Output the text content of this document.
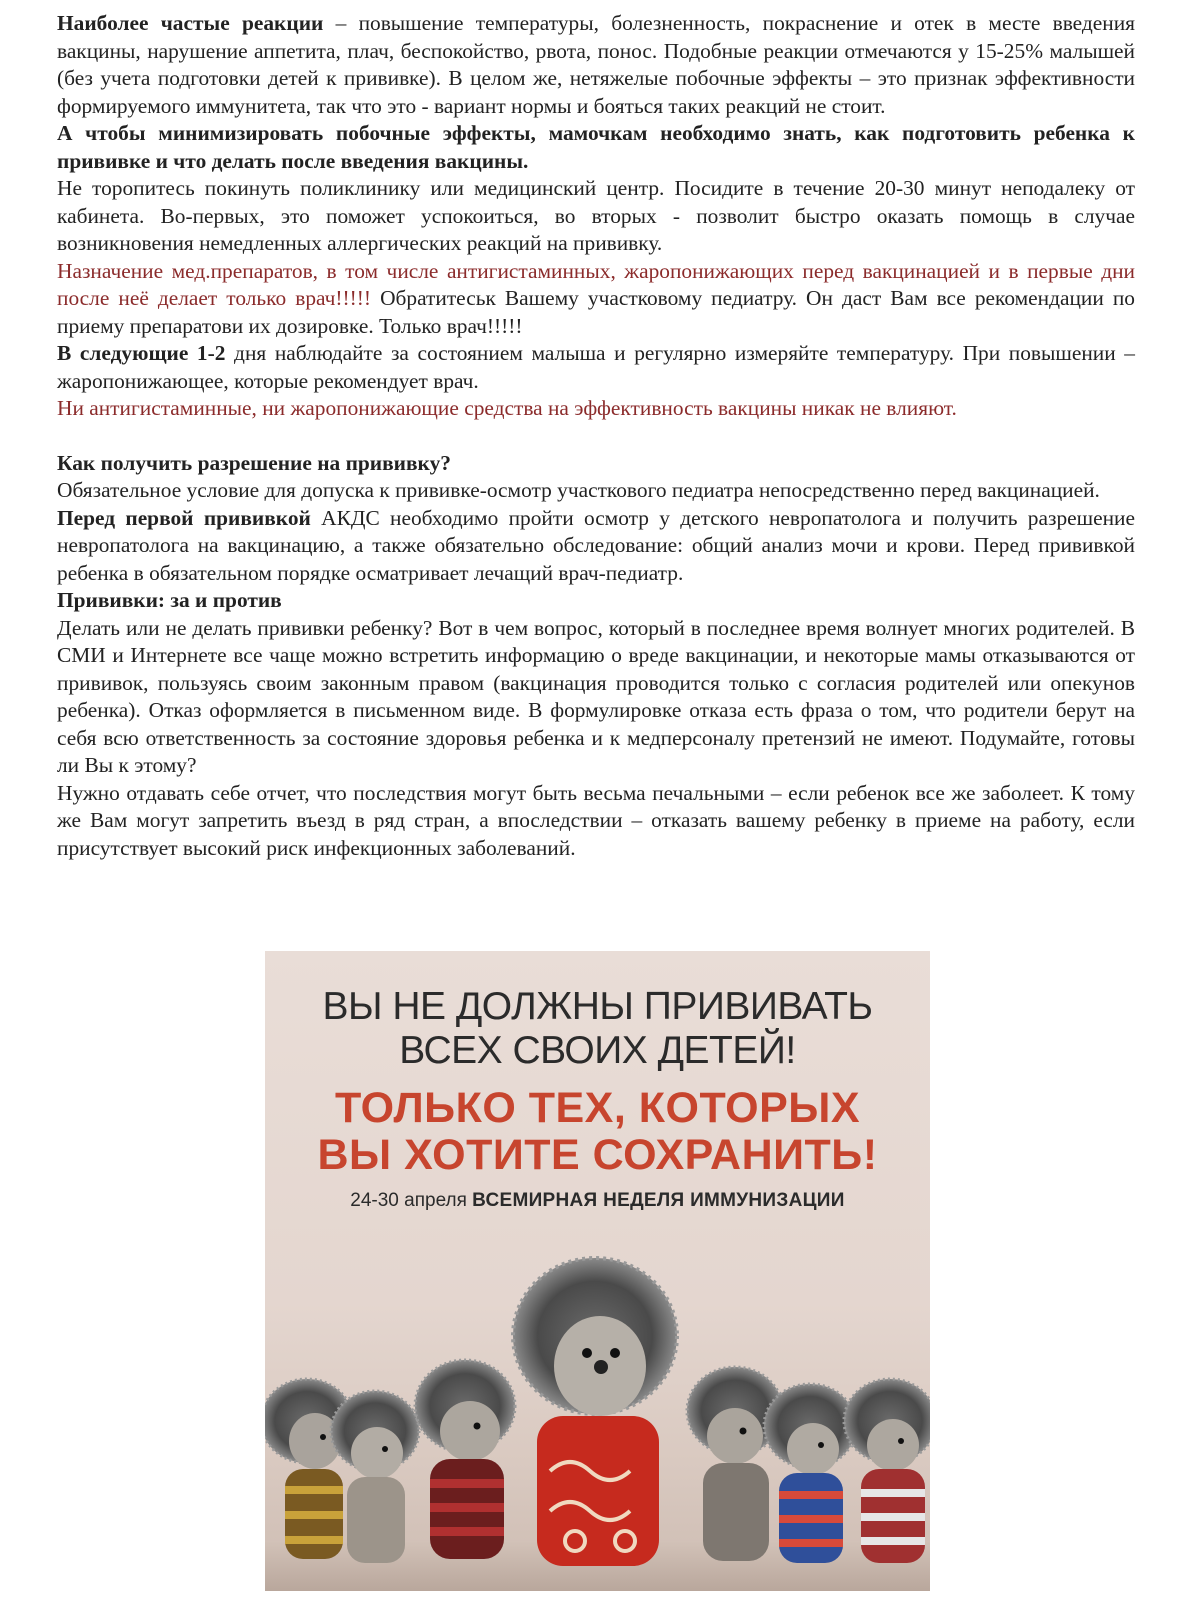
Наиболее частые реакции – повышение температуры, болезненность, покраснение и отек в месте введения вакцины, нарушение аппетита, плач, беспокойство, рвота, понос. Подобные реакции отмечаются у 15-25% малышей (без учета подготовки детей к прививке). В целом же, нетяжелые побочные эффекты – это признак эффективности формируемого иммунитета, так что это - вариант нормы и бояться таких реакций не стоит.

А чтобы минимизировать побочные эффекты, мамочкам необходимо знать, как подготовить ребенка к прививке и что делать после введения вакцины.

Не торопитесь покинуть поликлинику или медицинский центр. Посидите в течение 20-30 минут неподалеку от кабинета. Во-первых, это поможет успокоиться, во вторых - позволит быстро оказать помощь в случае возникновения немедленных аллергических реакций на прививку.

Назначение мед.препаратов, в том числе антигистаминных, жаропонижающих перед вакцинацией и в первые дни после неё делает только врач!!!!! Обратитеськ Вашему участковому педиатру. Он даст Вам все рекомендации по приему препаратови их дозировке. Только врач!!!!!

В следующие 1-2 дня наблюдайте за состоянием малыша и регулярно измеряйте температуру. При повышении –жаропонижающее, которые рекомендует врач.

Ни антигистаминные, ни жаропонижающие средства на эффективность вакцины никак не влияют.

Как получить разрешение на прививку?

Обязательное условие для допуска к прививке-осмотр участкового педиатра непосредственно перед вакцинацией.

Перед первой прививкой АКДС необходимо пройти осмотр у детского невропатолога и получить разрешение невропатолога на вакцинацию, а также обязательно обследование: общий анализ мочи и крови. Перед прививкой ребенка в обязательном порядке осматривает лечащий врач-педиатр.

Прививки: за и против

Делать или не делать прививки ребенку? Вот в чем вопрос, который в последнее время волнует многих родителей. В СМИ и Интернете все чаще можно встретить информацию о вреде вакцинации, и некоторые мамы отказываются от прививок, пользуясь своим законным правом (вакцинация проводится только с согласия родителей или опекунов ребенка). Отказ оформляется в письменном виде. В формулировке отказа есть фраза о том, что родители берут на себя всю ответственность за состояние здоровья ребенка и к медперсоналу претензий не имеют. Подумайте, готовы ли Вы к этому?

Нужно отдавать себе отчет, что последствия могут быть весьма печальными – если ребенок все же заболеет. К тому же Вам могут запретить въезд в ряд стран, а впоследствии – отказать вашему ребенку в приеме на работу, если присутствует высокий риск инфекционных заболеваний.

ВЫ НЕ ДОЛЖНЫ ПРИВИВАТЬ
ВСЕХ СВОИХ ДЕТЕЙ!
ТОЛЬКО ТЕХ, КОТОРЫХ
ВЫ ХОТИТЕ СОХРАНИТЬ!
24-30 апреля ВСЕМИРНАЯ НЕДЕЛЯ ИММУНИЗАЦИИ
